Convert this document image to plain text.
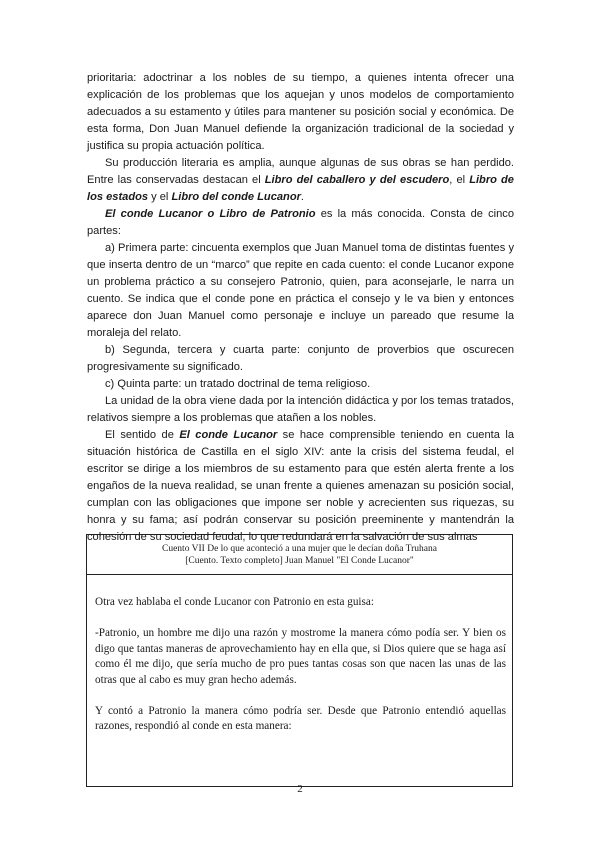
prioritaria: adoctrinar a los nobles de su tiempo, a quienes intenta ofrecer una explicación de los problemas que los aquejan y unos modelos de comportamiento adecuados a su estamento y útiles para mantener su posición social y económica. De esta forma, Don Juan Manuel defiende la organización tradicional de la sociedad y justifica su propia actuación política.

Su producción literaria es amplia, aunque algunas de sus obras se han perdido. Entre las conservadas destacan el Libro del caballero y del escudero, el Libro de los estados y el Libro del conde Lucanor.

El conde Lucanor o Libro de Patronio es la más conocida. Consta de cinco partes:

a) Primera parte: cincuenta exemplos que Juan Manuel toma de distintas fuentes y que inserta dentro de un “marco” que repite en cada cuento: el conde Lucanor expone un problema práctico a su consejero Patronio, quien, para aconsejarle, le narra un cuento. Se indica que el conde pone en práctica el consejo y le va bien y entonces aparece don Juan Manuel como personaje e incluye un pareado que resume la moraleja del relato.

b) Segunda, tercera y cuarta parte: conjunto de proverbios que oscurecen progresivamente su significado.

c) Quinta parte: un tratado doctrinal de tema religioso.

La unidad de la obra viene dada por la intención didáctica y por los temas tratados, relativos siempre a los problemas que atañen a los nobles.

El sentido de El conde Lucanor se hace comprensible teniendo en cuenta la situación histórica de Castilla en el siglo XIV: ante la crisis del sistema feudal, el escritor se dirige a los miembros de su estamento para que estén alerta frente a los engaños de la nueva realidad, se unan frente a quienes amenazan su posición social, cumplan con las obligaciones que impone ser noble y acrecienten sus riquezas, su honra y su fama; así podrán conservar su posición preeminente y mantendrán la cohesión de su sociedad feudal, lo que redundará en la salvación de sus almas

Cuento VII De lo que aconteció a una mujer que le decían doña Truhana
[Cuento. Texto completo] Juan Manuel "El Conde Lucanor"

Otra vez hablaba el conde Lucanor con Patronio en esta guisa:

-Patronio, un hombre me dijo una razón y mostrome la manera cómo podía ser. Y bien os digo que tantas maneras de aprovechamiento hay en ella que, si Dios quiere que se haga así como él me dijo, que sería mucho de pro pues tantas cosas son que nacen las unas de las otras que al cabo es muy gran hecho además.

Y contó a Patronio la manera cómo podría ser. Desde que Patronio entendió aquellas razones, respondió al conde en esta manera:

2
